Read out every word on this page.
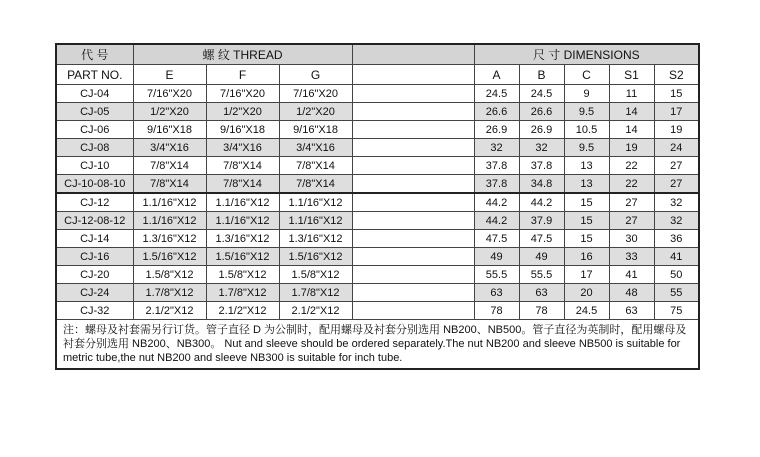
代 号	螺 纹 THREAD				尺 寸 DIMENSIONS				
PART NO.	E	F	G		A	B	C	S1	S2
CJ-04	7/16"X20	7/16"X20	7/16"X20		24.5	24.5	9	11	15
CJ-05	1/2"X20	1/2"X20	1/2"X20		26.6	26.6	9.5	14	17
CJ-06	9/16"X18	9/16"X18	9/16"X18		26.9	26.9	10.5	14	19
CJ-08	3/4"X16	3/4"X16	3/4"X16		32	32	9.5	19	24
CJ-10	7/8"X14	7/8"X14	7/8"X14		37.8	37.8	13	22	27
CJ-10-08-10	7/8"X14	7/8"X14	7/8"X14		37.8	34.8	13	22	27
CJ-12	1.1/16"X12	1.1/16"X12	1.1/16"X12		44.2	44.2	15	27	32
CJ-12-08-12	1.1/16"X12	1.1/16"X12	1.1/16"X12		44.2	37.9	15	27	32
CJ-14	1.3/16"X12	1.3/16"X12	1.3/16"X12		47.5	47.5	15	30	36
CJ-16	1.5/16"X12	1.5/16"X12	1.5/16"X12		49	49	16	33	41
CJ-20	1.5/8"X12	1.5/8"X12	1.5/8"X12		55.5	55.5	17	41	50
CJ-24	1.7/8"X12	1.7/8"X12	1.7/8"X12		63	63	20	48	55
CJ-32	2.1/2"X12	2.1/2"X12	2.1/2"X12		78	78	24.5	63	75
注：螺母及衬套需另行订货。管子直径 D 为公制时，配用螺母及衬套分别选用 NB200、NB500。管子直径为英制时，配用螺母及衬套分别选用 NB200、NB300。 Nut and sleeve should be ordered separately.The nut NB200 and sleeve NB500 is suitable for metric tube,the nut NB200 and sleeve NB300 is suitable for inch tube.									
